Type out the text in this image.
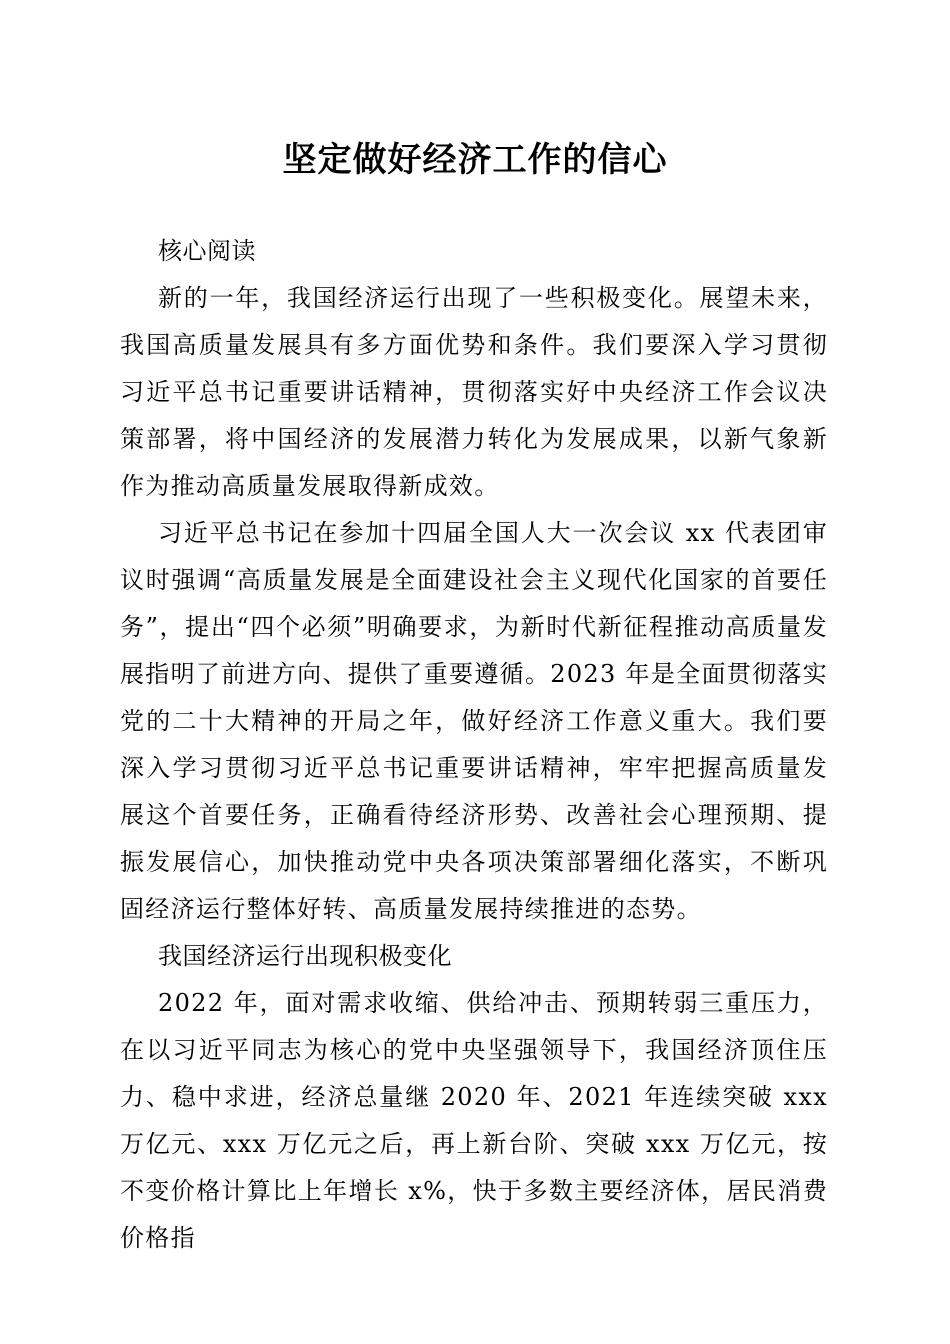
坚定做好经济工作的信心

核心阅读

新的一年，我国经济运行出现了一些积极变化。展望未来，我国高质量发展具有多方面优势和条件。我们要深入学习贯彻习近平总书记重要讲话精神，贯彻落实好中央经济工作会议决策部署，将中国经济的发展潜力转化为发展成果，以新气象新作为推动高质量发展取得新成效。

习近平总书记在参加十四届全国人大一次会议 xx 代表团审议时强调“高质量发展是全面建设社会主义现代化国家的首要任务”，提出“四个必须”明确要求，为新时代新征程推动高质量发展指明了前进方向、提供了重要遵循。2023 年是全面贯彻落实党的二十大精神的开局之年，做好经济工作意义重大。我们要深入学习贯彻习近平总书记重要讲话精神，牢牢把握高质量发展这个首要任务，正确看待经济形势、改善社会心理预期、提振发展信心，加快推动党中央各项决策部署细化落实，不断巩固经济运行整体好转、高质量发展持续推进的态势。

我国经济运行出现积极变化

2022 年，面对需求收缩、供给冲击、预期转弱三重压力，在以习近平同志为核心的党中央坚强领导下，我国经济顶住压力、稳中求进，经济总量继 2020 年、2021 年连续突破 xxx 万亿元、xxx 万亿元之后，再上新台阶、突破 xxx 万亿元，按不变价格计算比上年增长 x%，快于多数主要经济体，居民消费价格指
